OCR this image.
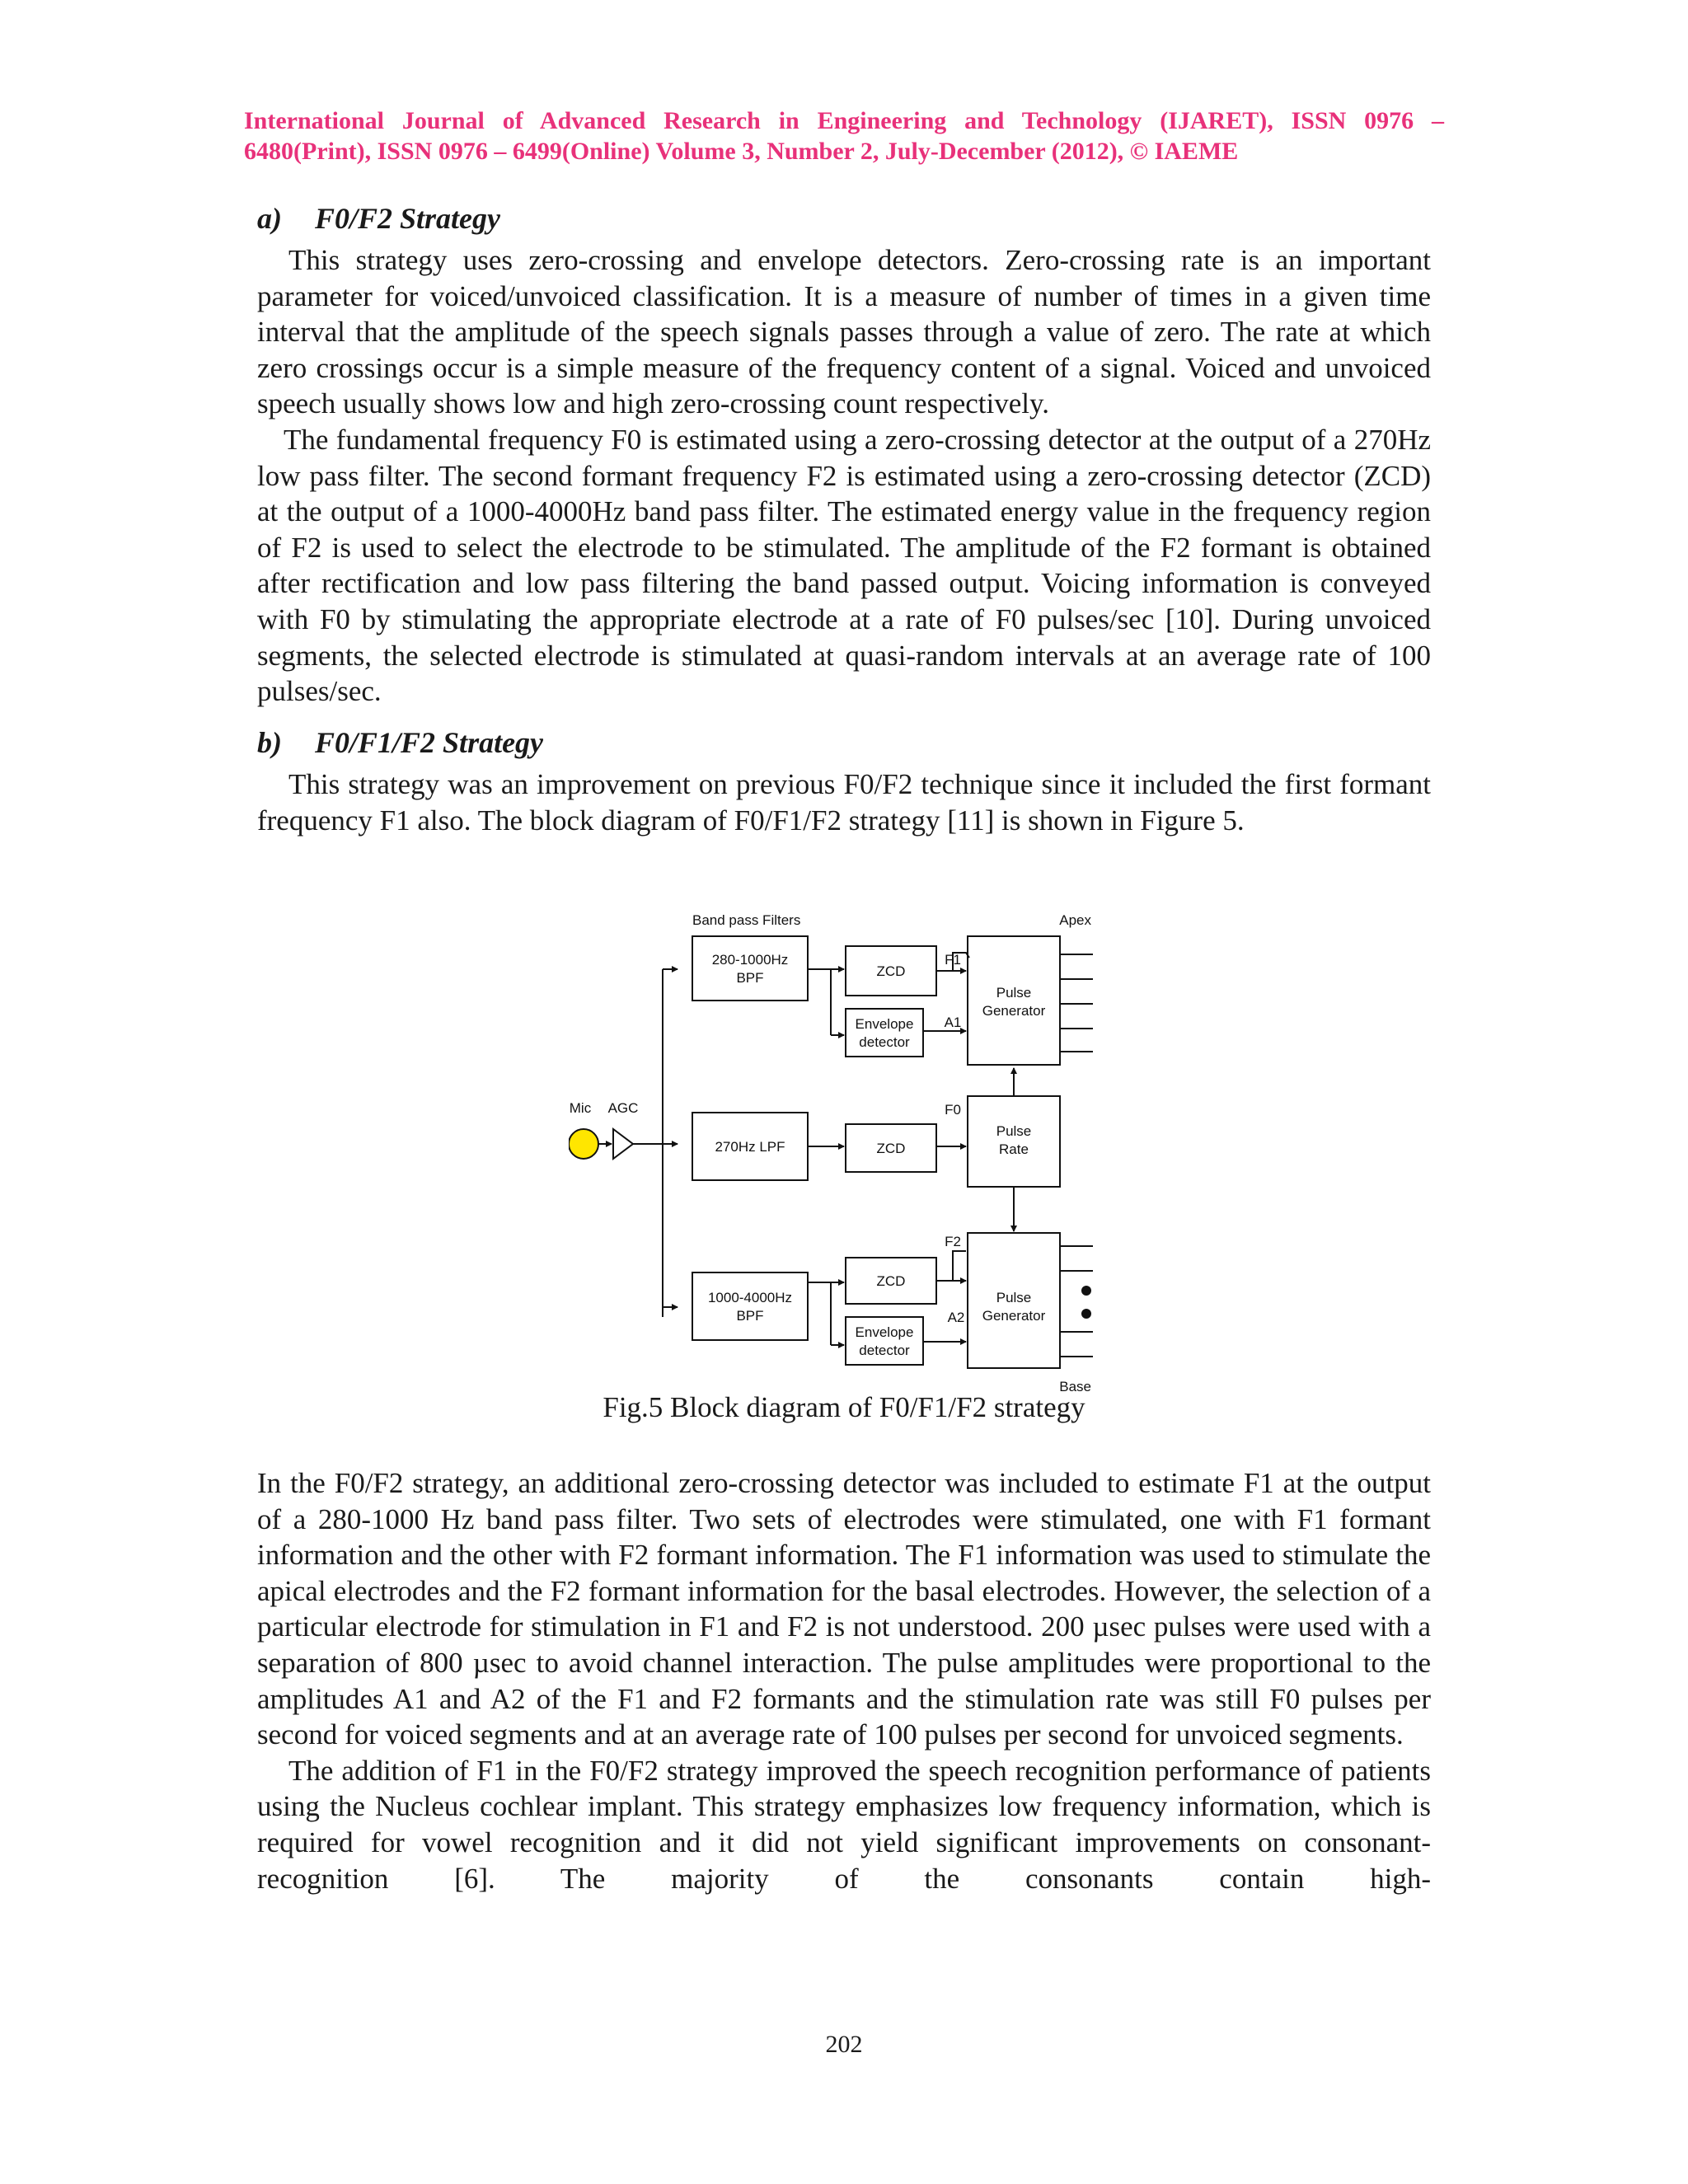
International Journal of Advanced Research in Engineering and Technology (IJARET), ISSN 0976 –
6480(Print), ISSN 0976 – 6499(Online) Volume 3, Number 2, July-December (2012), © IAEME
a) F0/F2 Strategy

This strategy uses zero-crossing and envelope detectors. Zero-crossing rate is an important parameter for voiced/unvoiced classification. It is a measure of number of times in a given time interval that the amplitude of the speech signals passes through a value of zero. The rate at which zero crossings occur is a simple measure of the frequency content of a signal. Voiced and unvoiced speech usually shows low and high zero-crossing count respectively.

The fundamental frequency F0 is estimated using a zero-crossing detector at the output of a 270Hz low pass filter. The second formant frequency F2 is estimated using a zero-crossing detector (ZCD) at the output of a 1000-4000Hz band pass filter. The estimated energy value in the frequency region of F2 is used to select the electrode to be stimulated. The amplitude of the F2 formant is obtained after rectification and low pass filtering the band passed output. Voicing information is conveyed with F0 by stimulating the appropriate electrode at a rate of F0 pulses/sec [10]. During unvoiced segments, the selected electrode is stimulated at quasi-random intervals at an average rate of 100 pulses/sec.

b) F0/F1/F2 Strategy

This strategy was an improvement on previous F0/F2 technique since it included the first formant frequency F1 also. The block diagram of F0/F1/F2 strategy [11] is shown in Figure 5.

Band pass Filters	Apex
Base
Mic AGC
280-1000Hz
BPF	ZCD
Envelope
detector
F1
A1
Pulse
Generator
270Hz LPF	ZCD
F0
Pulse
Rate
1000-4000Hz
BPF
ZCD
Envelope
detector
F2
A2
Pulse
Generator
Fig.5 Block diagram of F0/F1/F2 strategy

In the F0/F2 strategy, an additional zero-crossing detector was included to estimate F1 at the output of a 280-1000 Hz band pass filter. Two sets of electrodes were stimulated, one with F1 formant information and the other with F2 formant information. The F1 information was used to stimulate the apical electrodes and the F2 formant information for the basal electrodes. However, the selection of a particular electrode for stimulation in F1 and F2 is not understood. 200 µsec pulses were used with a separation of 800 µsec to avoid channel interaction. The pulse amplitudes were proportional to the amplitudes A1 and A2 of the F1 and F2 formants and the stimulation rate was still F0 pulses per second for voiced segments and at an average rate of 100 pulses per second for unvoiced segments.

The addition of F1 in the F0/F2 strategy improved the speech recognition performance of patients using the Nucleus cochlear implant. This strategy emphasizes low frequency information, which is required for vowel recognition and it did not yield significant improvements on consonant-recognition [6]. The majority of the consonants contain high-

202
